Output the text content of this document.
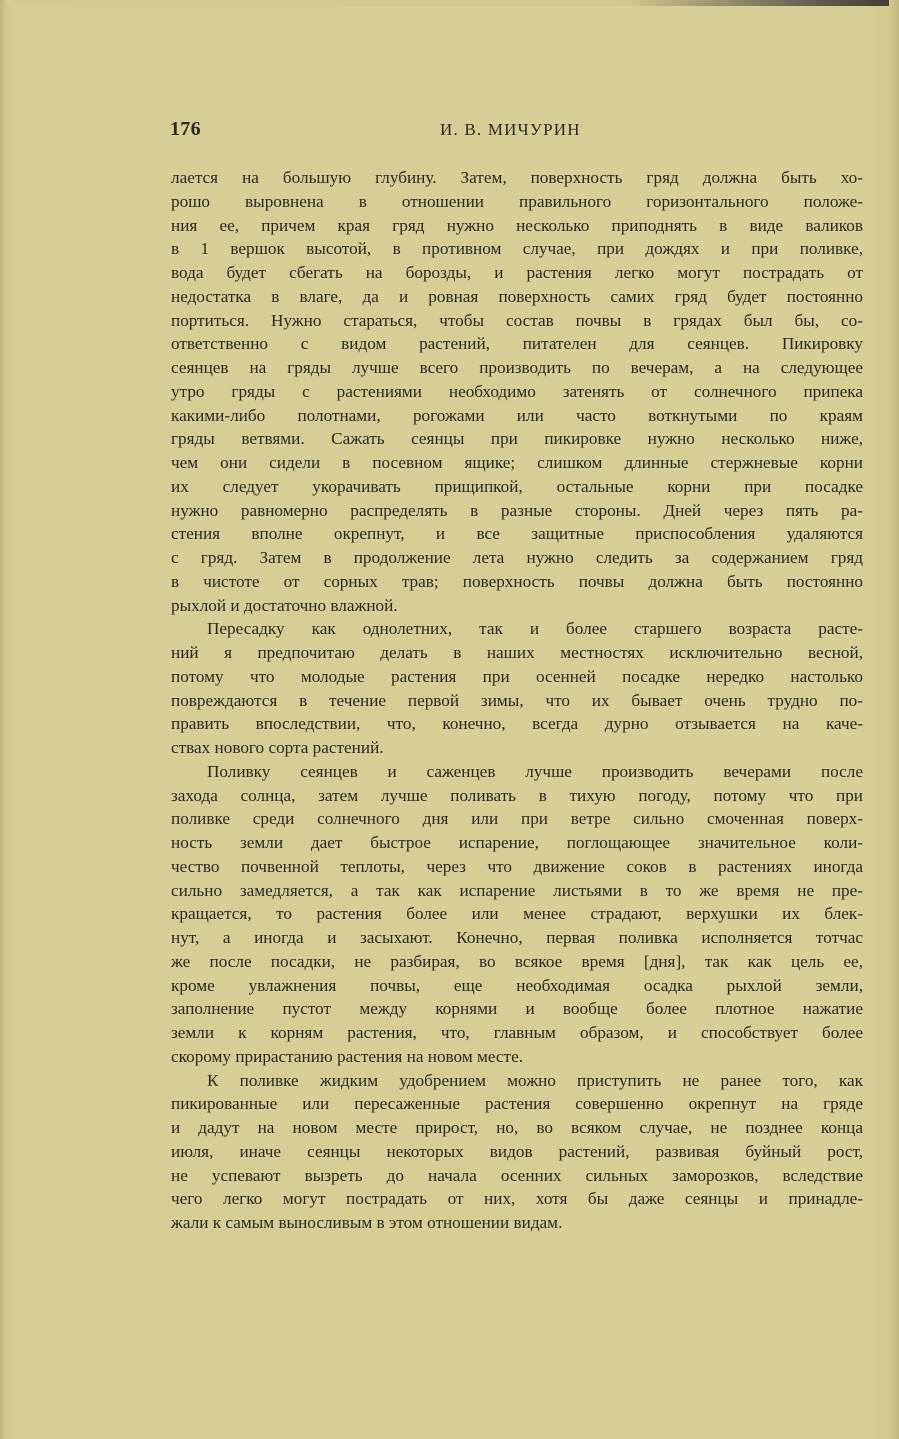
176	И. В. МИЧУРИН

лается на большую глубину. Затем, поверхность гряд должна быть хо-
рошо выровнена в отношении правильного горизонтального положе-
ния ее, причем края гряд нужно несколько приподнять в виде валиков
в 1 вершок высотой, в противном случае, при дождях и при поливке,
вода будет сбегать на борозды, и растения легко могут пострадать от
недостатка в влаге, да и ровная поверхность самих гряд будет постоянно
портиться. Нужно стараться, чтобы состав почвы в грядах был бы, со-
ответственно с видом растений, питателен для сеянцев. Пикировку
сеянцев на гряды лучше всего производить по вечерам, а на следующее
утро гряды с растениями необходимо затенять от солнечного припека
какими-либо полотнами, рогожами или часто воткнутыми по краям
гряды ветвями. Сажать сеянцы при пикировке нужно несколько ниже,
чем они сидели в посевном ящике; слишком длинные стержневые корни
их следует укорачивать прищипкой, остальные корни при посадке
нужно равномерно распределять в разные стороны. Дней через пять ра-
стения вполне окрепнут, и все защитные приспособления удаляются
с гряд. Затем в продолжение лета нужно следить за содержанием гряд
в чистоте от сорных трав; поверхность почвы должна быть постоянно
рыхлой и достаточно влажной.

Пересадку как однолетних, так и более старшего возраста расте-
ний я предпочитаю делать в наших местностях исключительно весной,
потому что молодые растения при осенней посадке нередко настолько
повреждаются в течение первой зимы, что их бывает очень трудно по-
править впоследствии, что, конечно, всегда дурно отзывается на каче-
ствах нового сорта растений.

Поливку сеянцев и саженцев лучше производить вечерами после
захода солнца, затем лучше поливать в тихую погоду, потому что при
поливке среди солнечного дня или при ветре сильно смоченная поверх-
ность земли дает быстрое испарение, поглощающее значительное коли-
чество почвенной теплоты, через что движение соков в растениях иногда
сильно замедляется, а так как испарение листьями в то же время не пре-
кращается, то растения более или менее страдают, верхушки их блек-
нут, а иногда и засыхают. Конечно, первая поливка исполняется тотчас
же после посадки, не разбирая, во всякое время [дня], так как цель ее,
кроме увлажнения почвы, еще необходимая осадка рыхлой земли,
заполнение пустот между корнями и вообще более плотное нажатие
земли к корням растения, что, главным образом, и способствует более
скорому прирастанию растения на новом месте.

К поливке жидким удобрением можно приступить не ранее того, как
пикированные или пересаженные растения совершенно окрепнут на гряде
и дадут на новом месте прирост, но, во всяком случае, не позднее конца
июля, иначе сеянцы некоторых видов растений, развивая буйный рост,
не успевают вызреть до начала осенних сильных заморозков, вследствие
чего легко могут пострадать от них, хотя бы даже сеянцы и принадле-
жали к самым выносливым в этом отношении видам.
